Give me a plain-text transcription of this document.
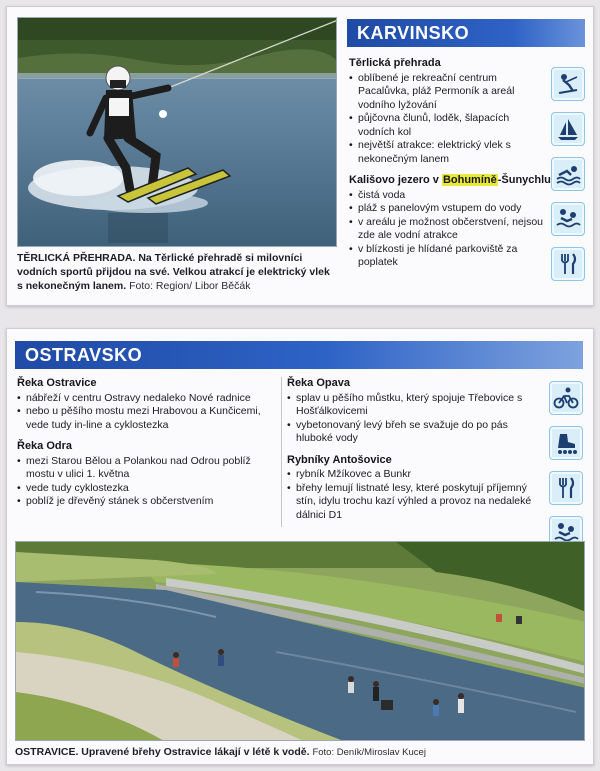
TĚRLICKÁ PŘEHRADA. Na Těrlické přehradě si milovníci vodních sportů přijdou na své. Velkou atrakcí je elektrický vlek s nekonečným lanem. Foto: Region/ Libor Běčák

KARVINSKO
Těrlická přehrada
• oblíbené je rekreační centrum Pacalůvka, pláž Permoník a areál vodního lyžování
• půjčovna člunů, loděk, šlapacích vodních kol
• největší atrakce: elektrický vlek s nekonečným lanem
Kališovo jezero v Bohumíně-Šunychlu
• čistá voda
• pláž s panelovým vstupem do vody
• v areálu je možnost občerstvení, nejsou zde ale vodní atrakce
• v blízkosti je hlídané parkoviště za poplatek
OSTRAVSKO
Řeka Ostravice
• nábřeží v centru Ostravy nedaleko Nové radnice
• nebo u pěšího mostu mezi Hrabovou a Kunčicemi, vede tudy in-line a cyklostezka
Řeka Odra
• mezi Starou Bělou a Polankou nad Odrou poblíž mostu v ulici 1. května
• vede tudy cyklostezka
• poblíž je dřevěný stánek s občerstvením
Řeka Opava
• splav u pěšího můstku, který spojuje Třebovice s Hošťálkovicemi
• vybetonovaný levý břeh se svažuje do po pás hluboké vody
Rybníky Antošovice
• rybník Mžíkovec a Bunkr
• břehy lemují listnaté lesy, které poskytují příjemný stín, idylu trochu kazí výhled a provoz na nedaleké dálnici D1

OSTRAVICE. Upravené břehy Ostravice lákají v létě k vodě. Foto: Deník/Miroslav Kucej
